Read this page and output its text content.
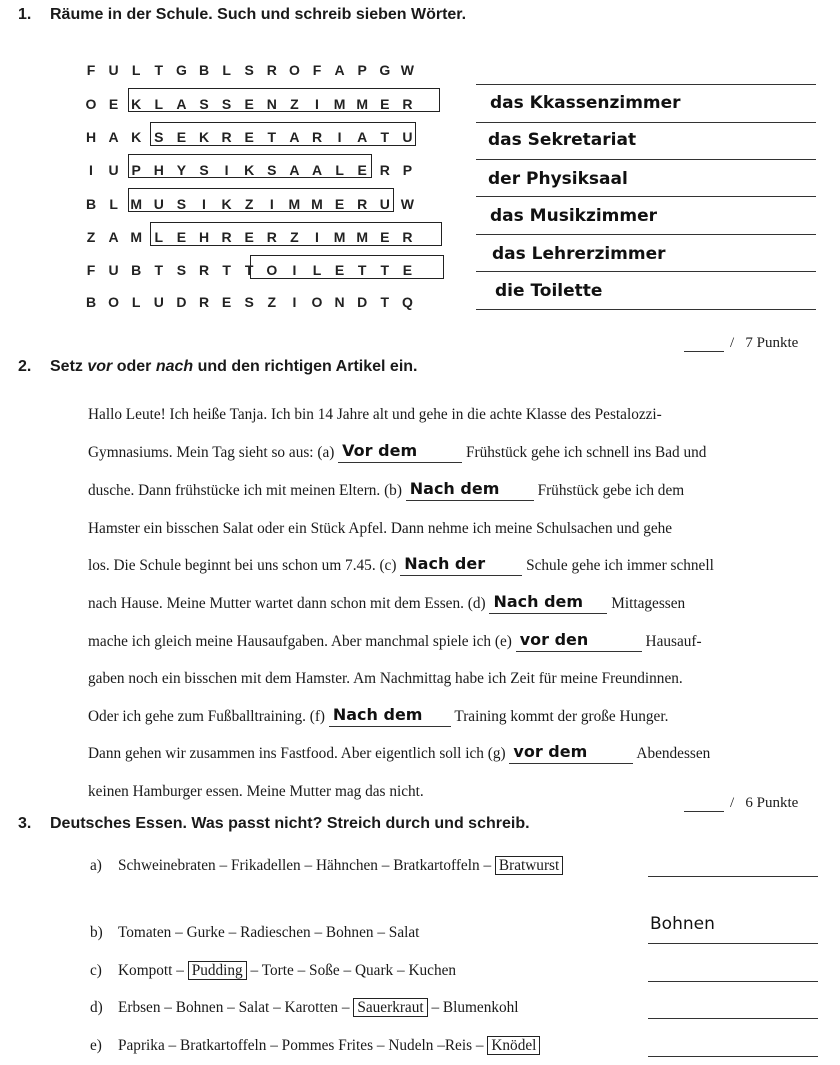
1. Räume in der Schule. Such und schreib sieben Wörter.
F U L	T G B L S R O F A P G W
O E K L A S S E N Z	I	M M E R
H A K S E K R E T A R	I	A T U
I	U P H Y S	I	K S A A L E R P
B L M U S	I	K Z	I	M M E R U W
Z A M L E H R E R Z	I	M M E R
F U B T S R T	T O	I	L E T	T E
B O L U D R E S Z	I	O N D T Q
das Kkassenzimmer
das Sekretariat
der Physiksaal
das Musikzimmer
das Lehrerzimmer
die Toilette
/ 7 Punkte
2. Setz vor oder nach und den richtigen Artikel ein.
Hallo Leute! Ich heiße Tanja. Ich bin 14 Jahre alt und gehe in die achte Klasse des Pestalozzi-
Gymnasiums. Mein Tag sieht so aus: (a) Vor dem	Frühstück gehe ich schnell ins Bad und
dusche. Dann frühstücke ich mit meinen Eltern. (b) Nach dem Frühstück gebe ich dem
Hamster ein bisschen Salat oder ein Stück Apfel. Dann nehme ich meine Schulsachen und gehe
los. Die Schule beginnt bei uns schon um 7.45. (c) Nach der Schule gehe ich immer schnell
nach Hause. Meine Mutter wartet dann schon mit dem Essen. (d) Nach dem Mittagessen
mache ich gleich meine Hausaufgaben. Aber manchmal spiele ich (e) vor den	Hausauf-
gaben noch ein bisschen mit dem Hamster. Am Nachmittag habe ich Zeit für meine Freundinnen.
Oder ich gehe zum Fußballtraining. (f) Nach dem Training kommt der große Hunger.
Dann gehen wir zusammen ins Fastfood. Aber eigentlich soll ich (g) vor dem	Abendessen
keinen Hamburger essen. Meine Mutter mag das nicht.
/ 6 Punkte
3. Deutsches Essen. Was passt nicht? Streich durch und schreib.
a) Schweinebraten – Frikadellen – Hähnchen – Bratkartoffeln – Bratwurst
b) Tomaten – Gurke – Radieschen – Bohnen – Salat	Bohnen
c) Kompott – Pudding – Torte – Soße – Quark – Kuchen
d) Erbsen – Bohnen – Salat – Karotten – Sauerkraut – Blumenkohl
e) Paprika – Bratkartoffeln – Pommes Frites – Nudeln –Reis – Knödel
